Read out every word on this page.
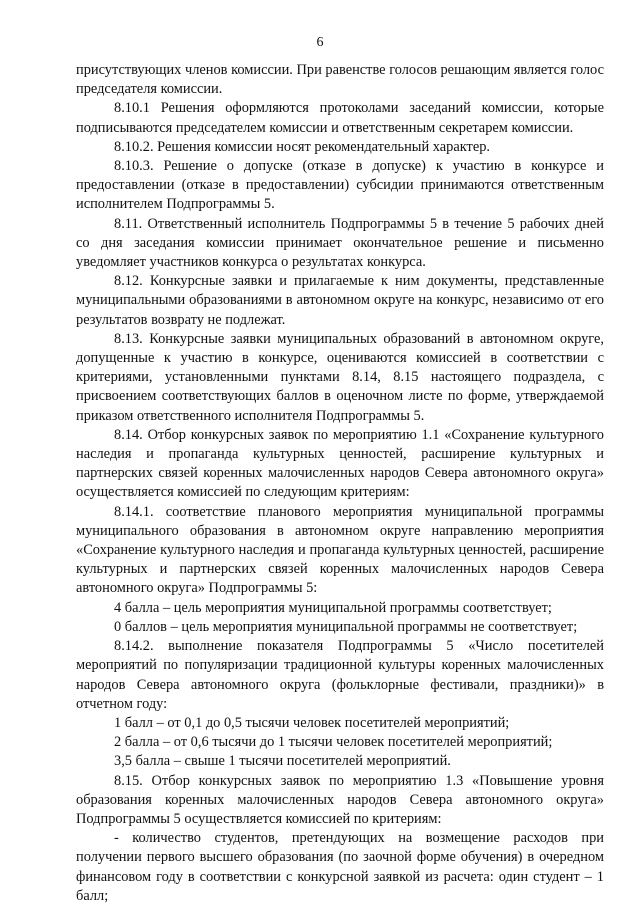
6

присутствующих членов комиссии. При равенстве голосов решающим является голос председателя комиссии.

8.10.1 Решения оформляются протоколами заседаний комиссии, которые подписываются председателем комиссии и ответственным секретарем комиссии.

8.10.2. Решения комиссии носят рекомендательный характер.

8.10.3. Решение о допуске (отказе в допуске) к участию в конкурсе и предоставлении (отказе в предоставлении) субсидии принимаются ответственным исполнителем Подпрограммы 5.

8.11. Ответственный исполнитель Подпрограммы 5 в течение 5 рабочих дней со дня заседания комиссии принимает окончательное решение и письменно уведомляет участников конкурса о результатах конкурса.

8.12. Конкурсные заявки и прилагаемые к ним документы, представленные муниципальными образованиями в автономном округе на конкурс, независимо от его результатов возврату не подлежат.

8.13. Конкурсные заявки муниципальных образований в автономном округе, допущенные к участию в конкурсе, оцениваются комиссией в соответствии с критериями, установленными пунктами 8.14, 8.15 настоящего подраздела, с присвоением соответствующих баллов в оценочном листе по форме, утверждаемой приказом ответственного исполнителя Подпрограммы 5.

8.14. Отбор конкурсных заявок по мероприятию 1.1 «Сохранение культурного наследия и пропаганда культурных ценностей, расширение культурных и партнерских связей коренных малочисленных народов Севера автономного округа» осуществляется комиссией по следующим критериям:

8.14.1. соответствие планового мероприятия муниципальной программы муниципального образования в автономном округе направлению мероприятия «Сохранение культурного наследия и пропаганда культурных ценностей, расширение культурных и партнерских связей коренных малочисленных народов Севера автономного округа» Подпрограммы 5:

4 балла – цель мероприятия муниципальной программы соответствует;

0 баллов – цель мероприятия муниципальной программы не соответствует;

8.14.2. выполнение показателя Подпрограммы 5 «Число посетителей мероприятий по популяризации традиционной культуры коренных малочисленных народов Севера автономного округа (фольклорные фестивали, праздники)» в отчетном году:

1 балл – от 0,1 до 0,5 тысячи человек посетителей мероприятий;

2 балла – от 0,6 тысячи до 1 тысячи человек посетителей мероприятий;

3,5 балла – свыше 1 тысячи посетителей мероприятий.

8.15. Отбор конкурсных заявок по мероприятию 1.3 «Повышение уровня образования коренных малочисленных народов Севера автономного округа» Подпрограммы 5 осуществляется комиссией по критериям:

- количество студентов, претендующих на возмещение расходов при получении первого высшего образования (по заочной форме обучения) в очередном финансовом году в соответствии с конкурсной заявкой из расчета: один студент – 1 балл;
